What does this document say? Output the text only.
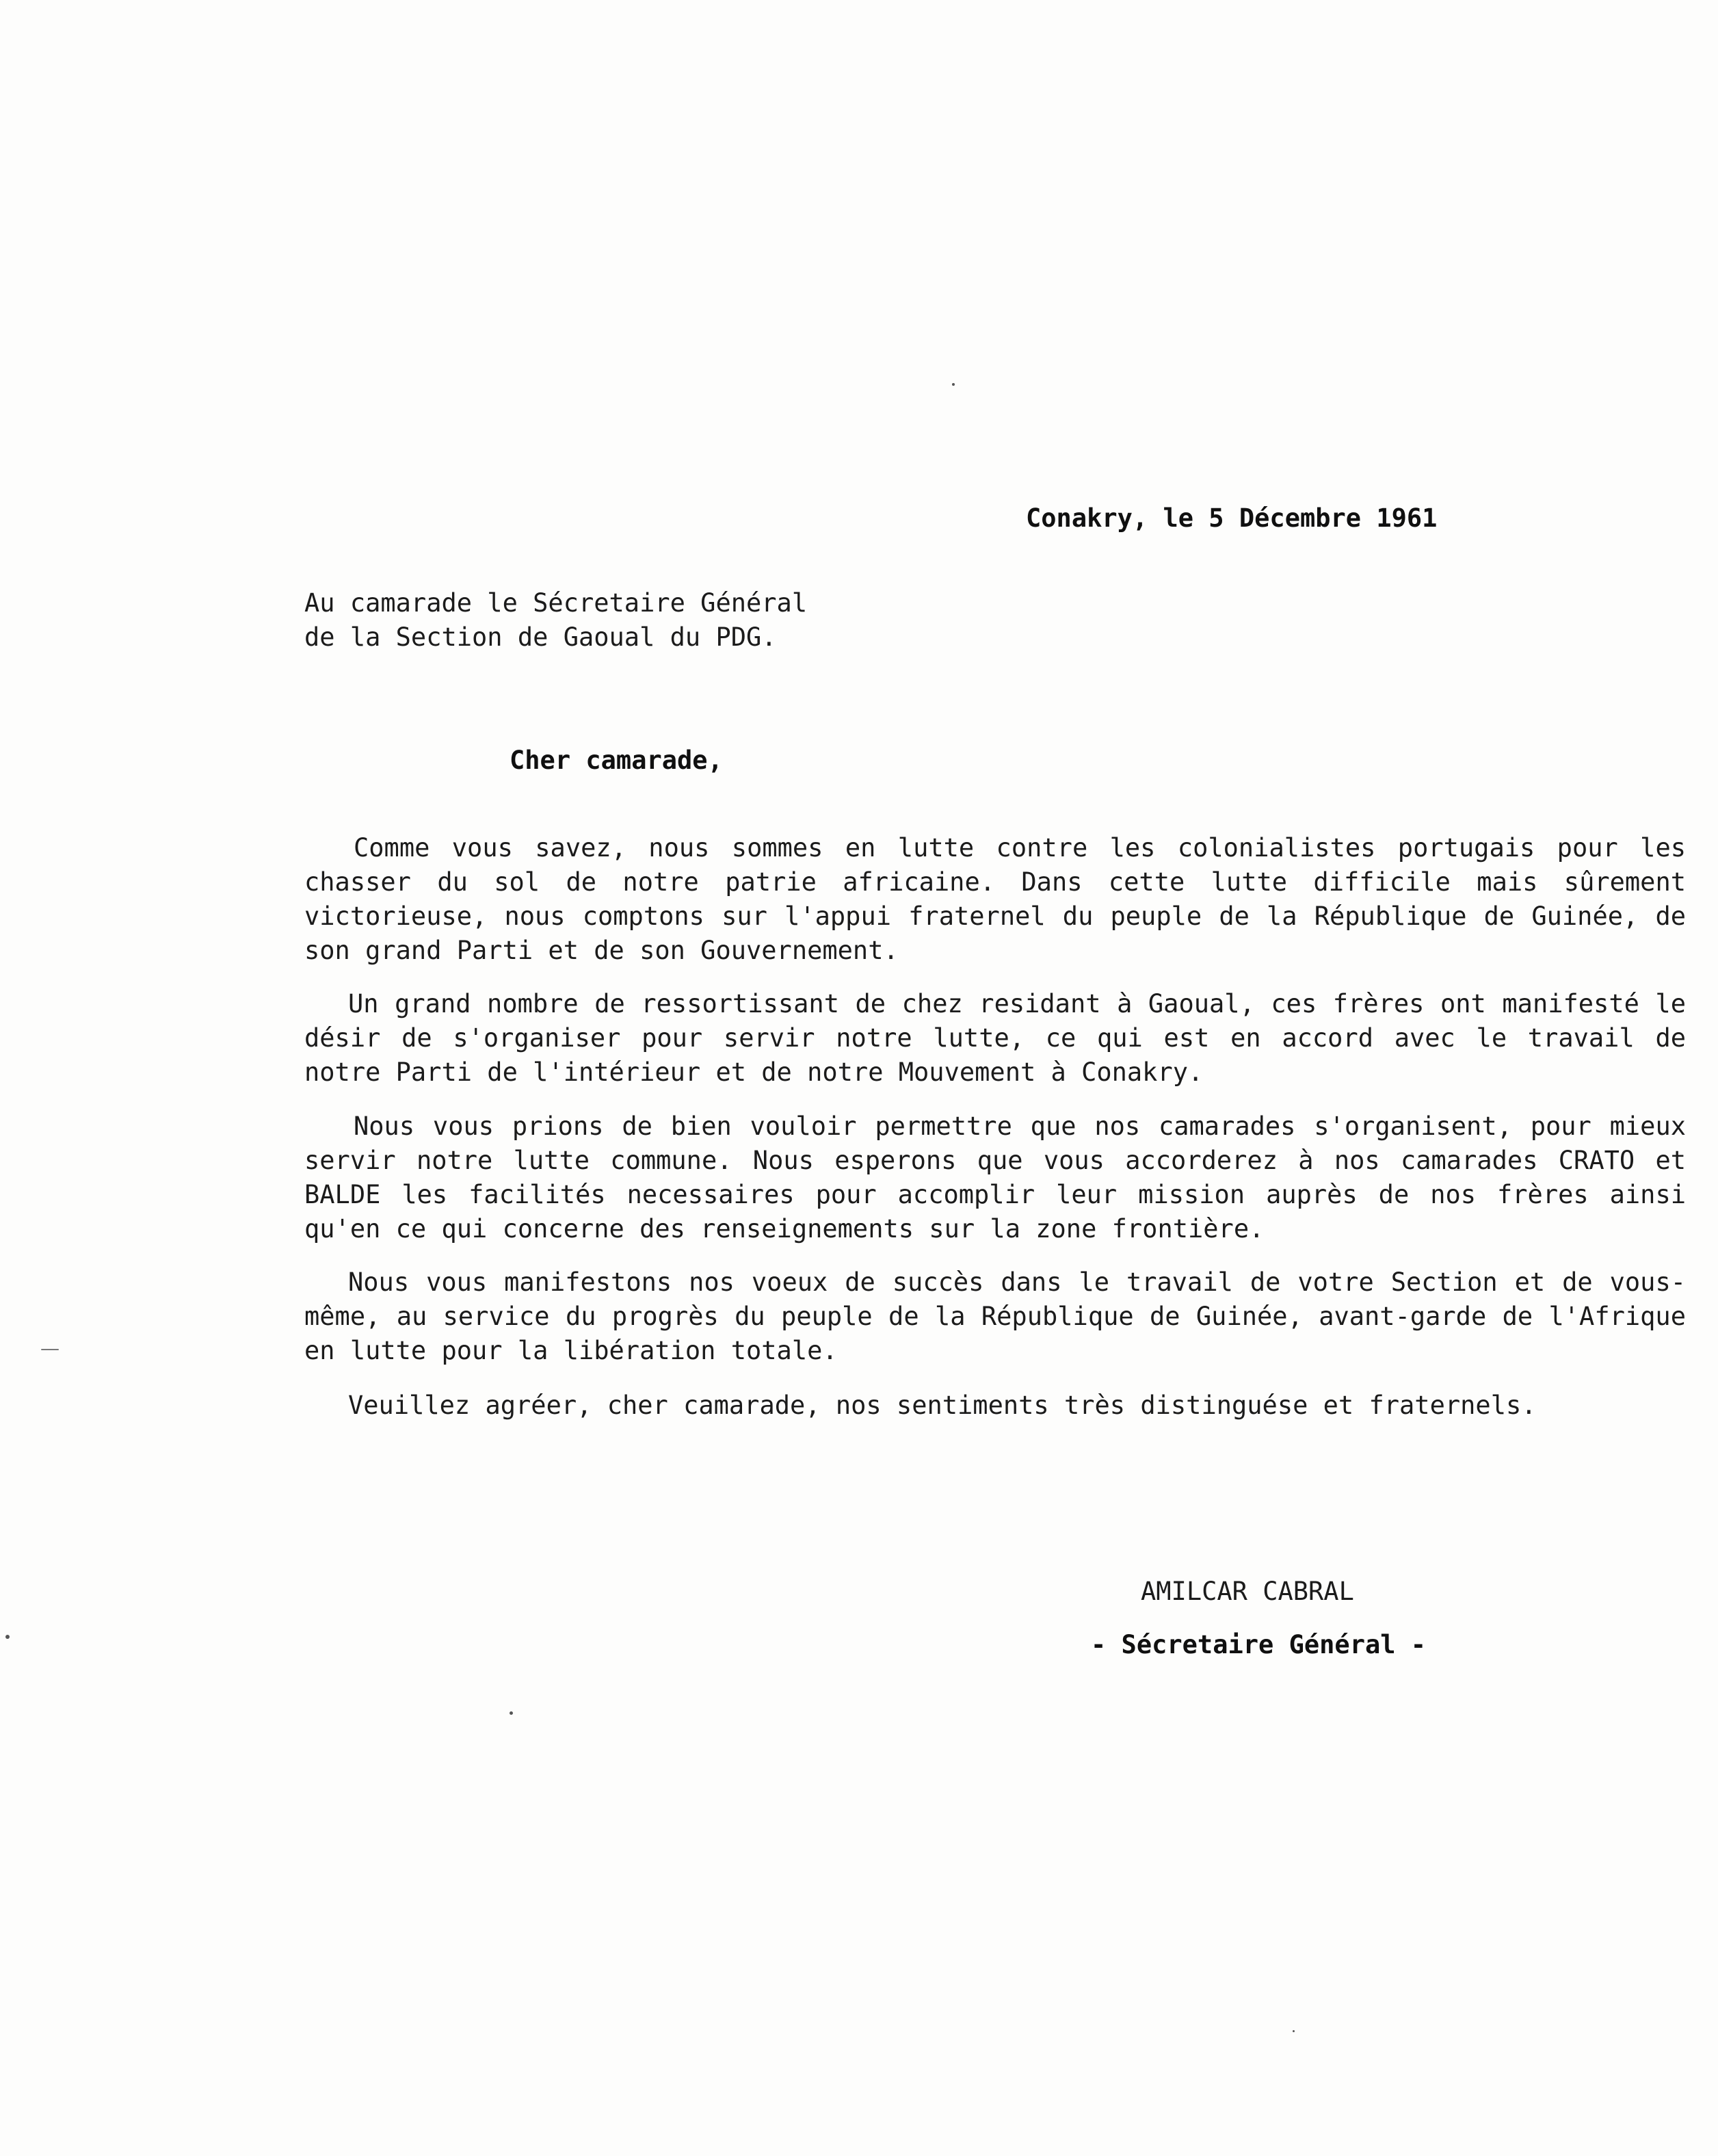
Conakry, le 5 Décembre 1961

Au camarade le Sécretaire Général

de la Section de Gaoual du PDG.

Cher camarade,

Comme vous savez, nous sommes en lutte contre les colonialistes portugais pour les chasser du sol de notre patrie africaine. Dans cette lutte difficile mais sûrement victorieuse, nous comptons sur l'appui fraternel du peuple de la République de Guinée, de son grand Parti et de son Gouvernement.

Un grand nombre de ressortissant de chez residant à Gaoual, ces frères ont manifesté le désir de s'organiser pour servir notre lutte, ce qui est en accord avec le travail de notre Parti de l'intérieur et de notre Mouvement à Conakry.

Nous vous prions de bien vouloir permettre que nos camarades s'organisent, pour mieux servir notre lutte commune. Nous esperons que vous accorderez à nos camarades CRATO et BALDE les facilités necessaires pour accomplir leur mission auprès de nos frères ainsi qu'en ce qui concerne des renseignements sur la zone frontière.

Nous vous manifestons nos voeux de succès dans le travail de votre Section et de vous-même, au service du progrès du peuple de la République de Guinée, avant-garde de l'Afrique en lutte pour la libération totale.

Veuillez agréer, cher camarade, nos sentiments très distinguése et fraternels.

AMILCAR CABRAL

- Sécretaire Général -
